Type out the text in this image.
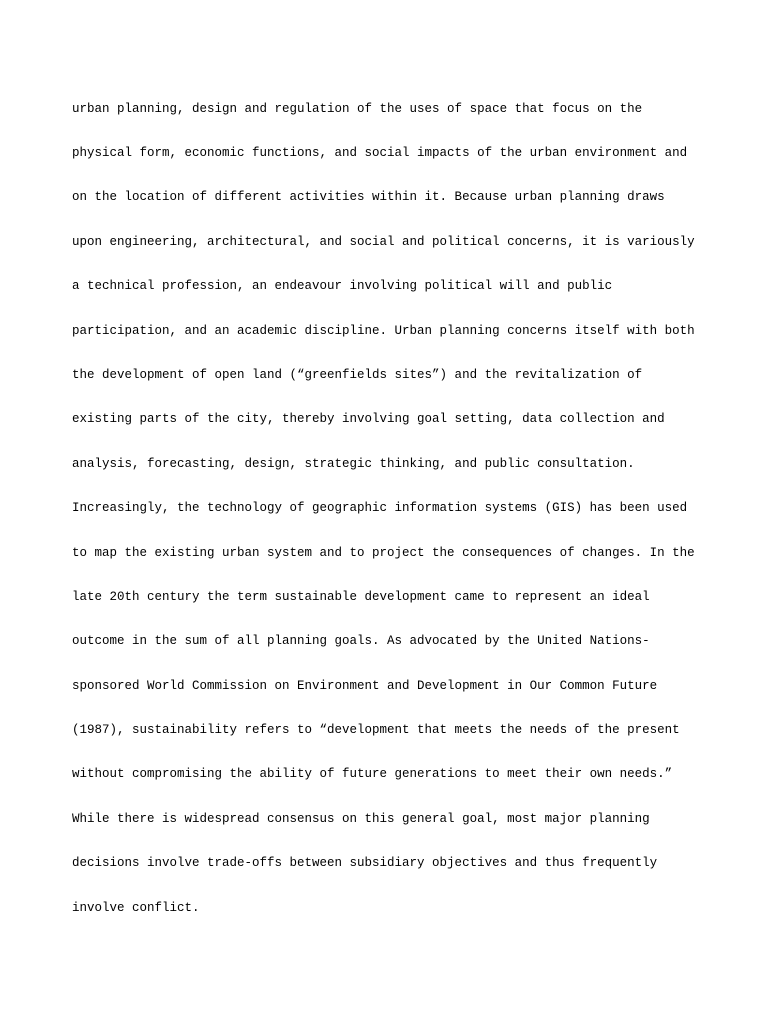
urban planning, design and regulation of the uses of space that focus on the

physical form, economic functions, and social impacts of the urban environment and

on the location of different activities within it. Because urban planning draws

upon engineering, architectural, and social and political concerns, it is variously

a technical profession, an endeavour involving political will and public

participation, and an academic discipline. Urban planning concerns itself with both

the development of open land (“greenfields sites”) and the revitalization of

existing parts of the city, thereby involving goal setting, data collection and

analysis, forecasting, design, strategic thinking, and public consultation.

Increasingly, the technology of geographic information systems (GIS) has been used

to map the existing urban system and to project the consequences of changes. In the

late 20th century the term sustainable development came to represent an ideal

outcome in the sum of all planning goals. As advocated by the United Nations-

sponsored World Commission on Environment and Development in Our Common Future

(1987), sustainability refers to “development that meets the needs of the present

without compromising the ability of future generations to meet their own needs.”

While there is widespread consensus on this general goal, most major planning

decisions involve trade-offs between subsidiary objectives and thus frequently

involve conflict.
